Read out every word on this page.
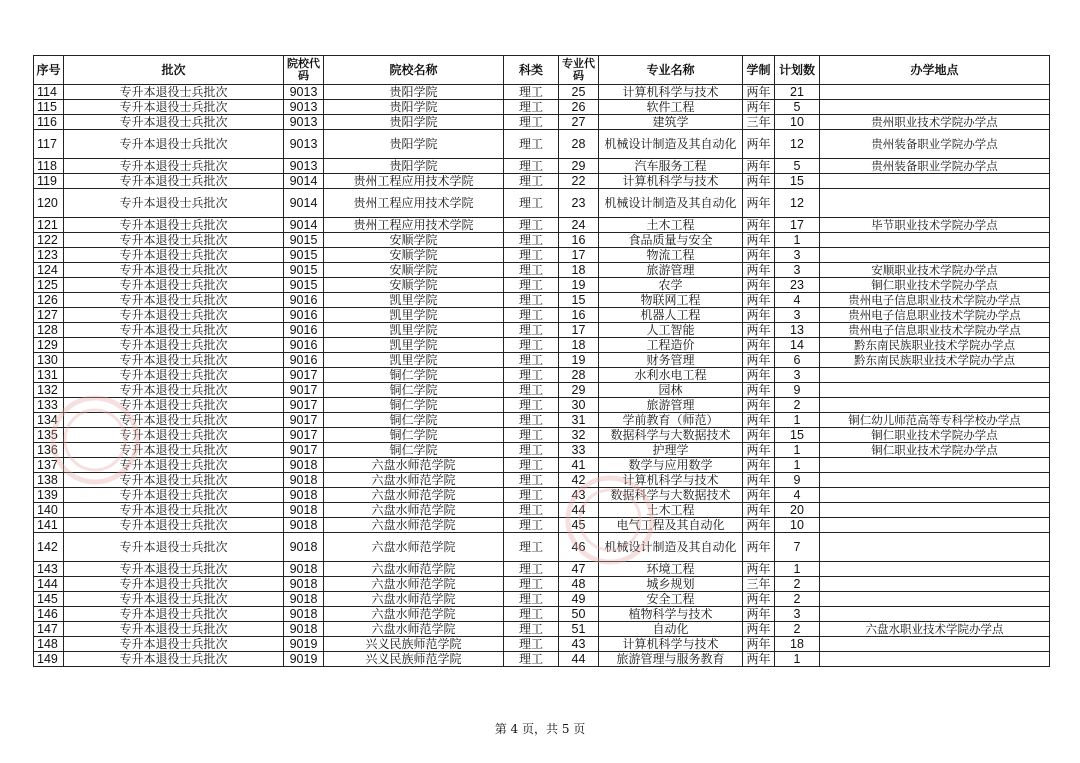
序号	批次	院校代码	院校名称	科类	专业代码	专业名称	学制	计划数	办学地点
114	专升本退役士兵批次	9013	贵阳学院	理工	25	计算机科学与技术	两年	21	
115	专升本退役士兵批次	9013	贵阳学院	理工	26	软件工程	两年	5	
116	专升本退役士兵批次	9013	贵阳学院	理工	27	建筑学	三年	10	贵州职业技术学院办学点
117	专升本退役士兵批次	9013	贵阳学院	理工	28	机械设计制造及其自动化	两年	12	贵州装备职业学院办学点
118	专升本退役士兵批次	9013	贵阳学院	理工	29	汽车服务工程	两年	5	贵州装备职业学院办学点
119	专升本退役士兵批次	9014	贵州工程应用技术学院	理工	22	计算机科学与技术	两年	15	
120	专升本退役士兵批次	9014	贵州工程应用技术学院	理工	23	机械设计制造及其自动化	两年	12	
121	专升本退役士兵批次	9014	贵州工程应用技术学院	理工	24	土木工程	两年	17	毕节职业技术学院办学点
122	专升本退役士兵批次	9015	安顺学院	理工	16	食品质量与安全	两年	1	
123	专升本退役士兵批次	9015	安顺学院	理工	17	物流工程	两年	3	
124	专升本退役士兵批次	9015	安顺学院	理工	18	旅游管理	两年	3	安顺职业技术学院办学点
125	专升本退役士兵批次	9015	安顺学院	理工	19	农学	两年	23	铜仁职业技术学院办学点
126	专升本退役士兵批次	9016	凯里学院	理工	15	物联网工程	两年	4	贵州电子信息职业技术学院办学点
127	专升本退役士兵批次	9016	凯里学院	理工	16	机器人工程	两年	3	贵州电子信息职业技术学院办学点
128	专升本退役士兵批次	9016	凯里学院	理工	17	人工智能	两年	13	贵州电子信息职业技术学院办学点
129	专升本退役士兵批次	9016	凯里学院	理工	18	工程造价	两年	14	黔东南民族职业技术学院办学点
130	专升本退役士兵批次	9016	凯里学院	理工	19	财务管理	两年	6	黔东南民族职业技术学院办学点
131	专升本退役士兵批次	9017	铜仁学院	理工	28	水利水电工程	两年	3	
132	专升本退役士兵批次	9017	铜仁学院	理工	29	园林	两年	9	
133	专升本退役士兵批次	9017	铜仁学院	理工	30	旅游管理	两年	2	
134	专升本退役士兵批次	9017	铜仁学院	理工	31	学前教育（师范）	两年	1	铜仁幼儿师范高等专科学校办学点
135	专升本退役士兵批次	9017	铜仁学院	理工	32	数据科学与大数据技术	两年	15	铜仁职业技术学院办学点
136	专升本退役士兵批次	9017	铜仁学院	理工	33	护理学	两年	1	铜仁职业技术学院办学点
137	专升本退役士兵批次	9018	六盘水师范学院	理工	41	数学与应用数学	两年	1	
138	专升本退役士兵批次	9018	六盘水师范学院	理工	42	计算机科学与技术	两年	9	
139	专升本退役士兵批次	9018	六盘水师范学院	理工	43	数据科学与大数据技术	两年	4	
140	专升本退役士兵批次	9018	六盘水师范学院	理工	44	土木工程	两年	20	
141	专升本退役士兵批次	9018	六盘水师范学院	理工	45	电气工程及其自动化	两年	10	
142	专升本退役士兵批次	9018	六盘水师范学院	理工	46	机械设计制造及其自动化	两年	7	
143	专升本退役士兵批次	9018	六盘水师范学院	理工	47	环境工程	两年	1	
144	专升本退役士兵批次	9018	六盘水师范学院	理工	48	城乡规划	三年	2	
145	专升本退役士兵批次	9018	六盘水师范学院	理工	49	安全工程	两年	2	
146	专升本退役士兵批次	9018	六盘水师范学院	理工	50	植物科学与技术	两年	3	
147	专升本退役士兵批次	9018	六盘水师范学院	理工	51	自动化	两年	2	六盘水职业技术学院办学点
148	专升本退役士兵批次	9019	兴义民族师范学院	理工	43	计算机科学与技术	两年	18	
149	专升本退役士兵批次	9019	兴义民族师范学院	理工	44	旅游管理与服务教育	两年	1	
第 4 页，共 5 页
